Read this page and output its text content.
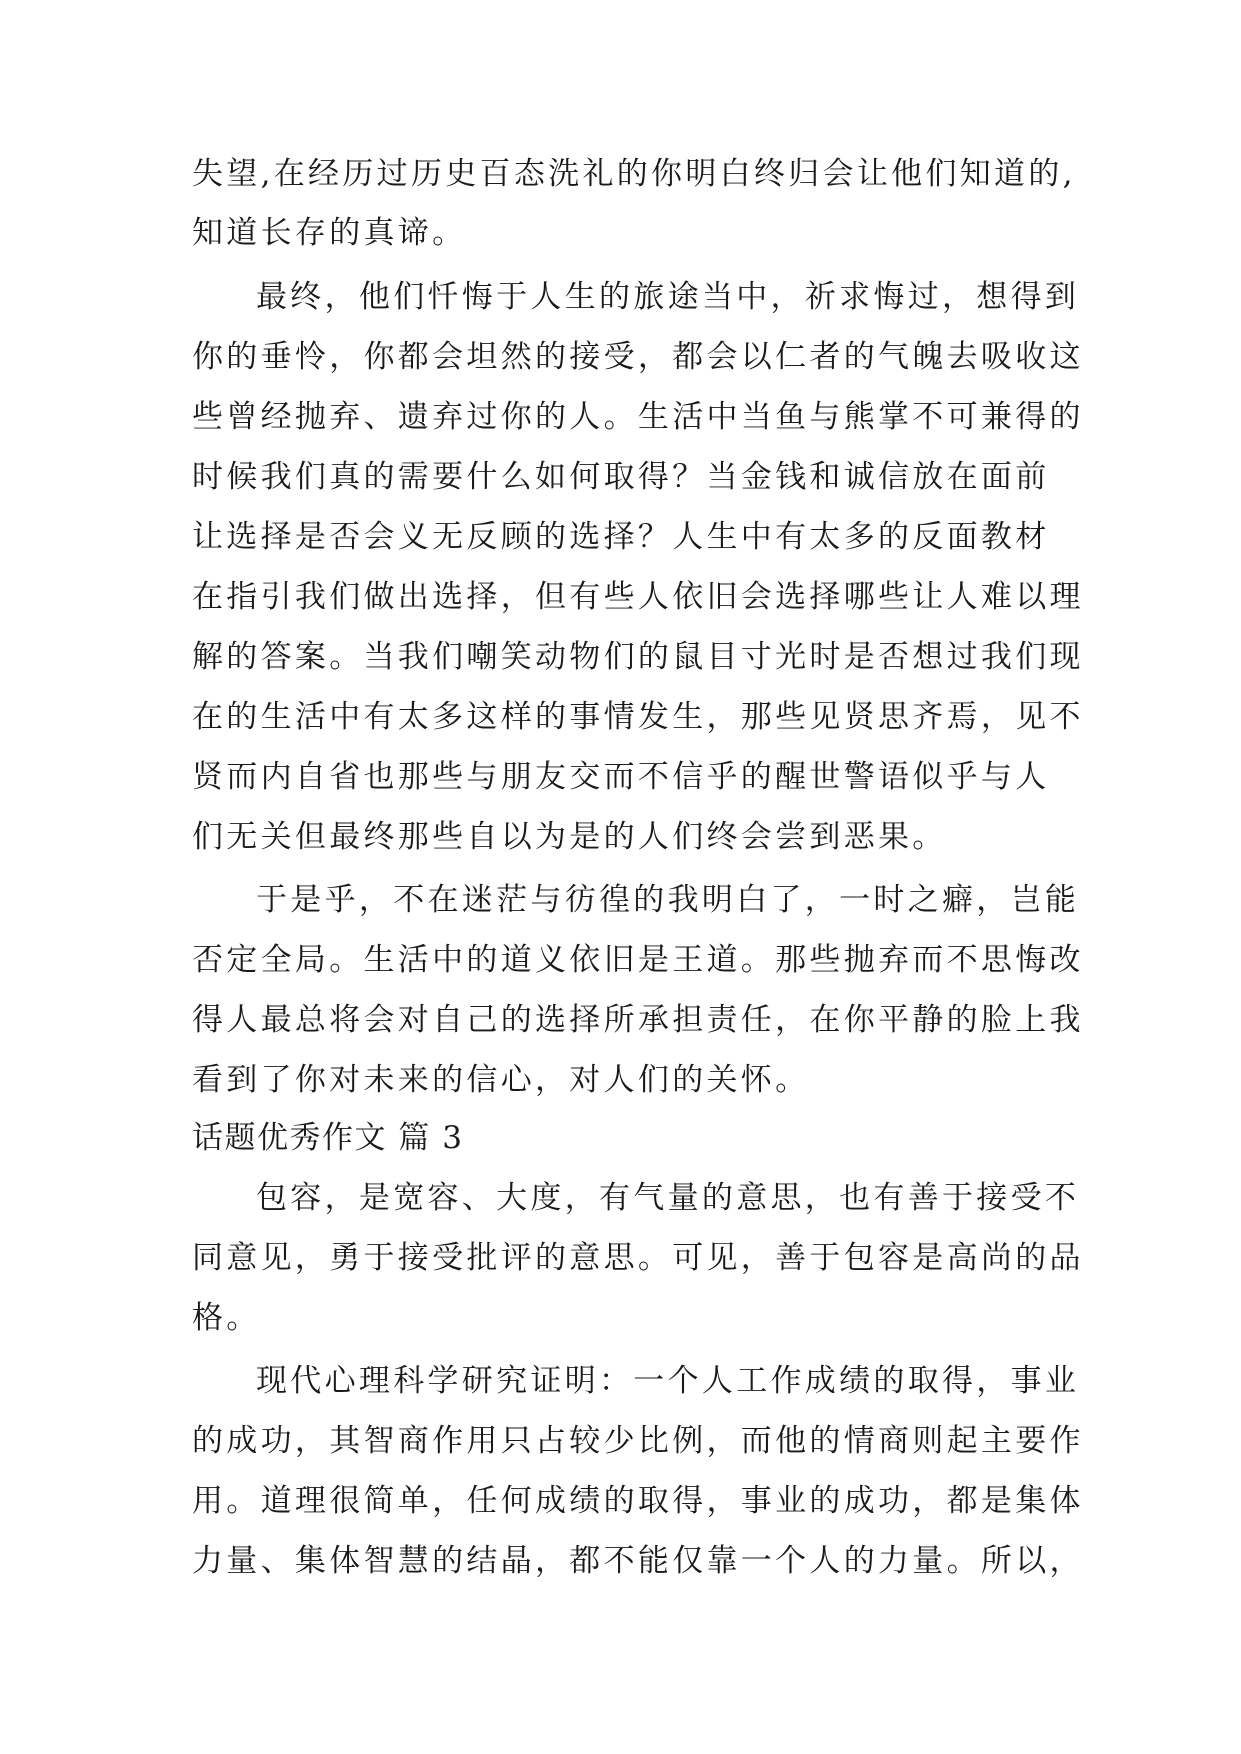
失望,在经历过历史百态洗礼的你明白终归会让他们知道的,

知道长存的真谛。

最终，他们忏悔于人生的旅途当中，祈求悔过，想得到

你的垂怜，你都会坦然的接受，都会以仁者的气魄去吸收这

些曾经抛弃、遗弃过你的人。生活中当鱼与熊掌不可兼得的

时候我们真的需要什么如何取得？当金钱和诚信放在面前

让选择是否会义无反顾的选择？人生中有太多的反面教材

在指引我们做出选择，但有些人依旧会选择哪些让人难以理

解的答案。当我们嘲笑动物们的鼠目寸光时是否想过我们现

在的生活中有太多这样的事情发生，那些见贤思齐焉，见不

贤而内自省也那些与朋友交而不信乎的醒世警语似乎与人

们无关但最终那些自以为是的人们终会尝到恶果。

于是乎，不在迷茫与彷徨的我明白了，一时之癖，岂能

否定全局。生活中的道义依旧是王道。那些抛弃而不思悔改

得人最总将会对自己的选择所承担责任，在你平静的脸上我

看到了你对未来的信心，对人们的关怀。

话题优秀作文 篇 3

包容，是宽容、大度，有气量的意思，也有善于接受不

同意见，勇于接受批评的意思。可见，善于包容是高尚的品

格。

现代心理科学研究证明：一个人工作成绩的取得，事业

的成功，其智商作用只占较少比例，而他的情商则起主要作

用。道理很简单，任何成绩的取得，事业的成功，都是集体

力量、集体智慧的结晶，都不能仅靠一个人的力量。所以，
